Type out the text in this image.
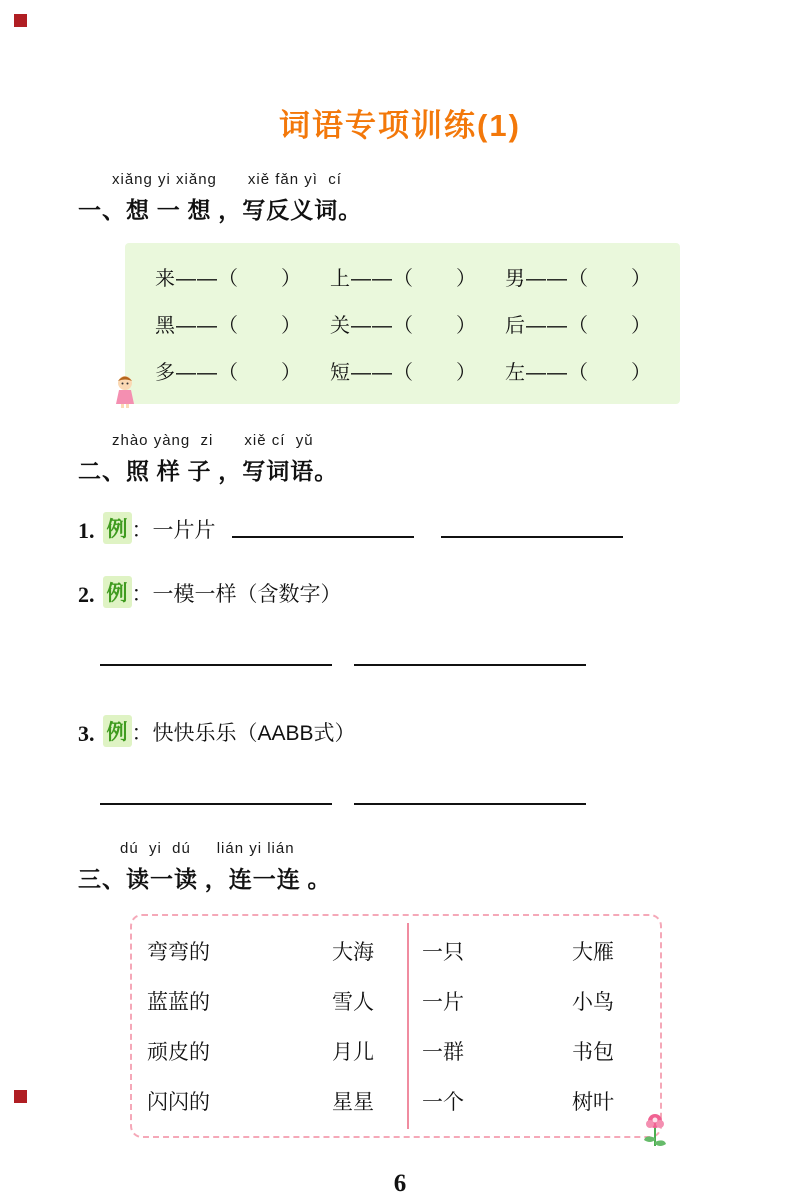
词语专项训练(1)
xiǎng yi xiǎng      xiě fǎn yì  cí
一、想 一 想 ，写反义词。
来——（　　）	上——（　　）	男——（　　）
黑——（　　）	关——（　　）	后——（　　）
多——（　　）	短——（　　）	左——（　　）
zhào yàng  zi      xiě cí  yǔ
二、照 样 子 ，写词语。
1. 例 ：一片片

2. 例 ：一模一样（含数字）

3. 例 ：快快乐乐（AABB式）

dú  yi  dú     lián yi lián
三、读一读 ，连一连 。
弯弯的	大海	一只	大雁
蓝蓝的	雪人	一片	小鸟
顽皮的	月儿	一群	书包
闪闪的	星星	一个	树叶
6
